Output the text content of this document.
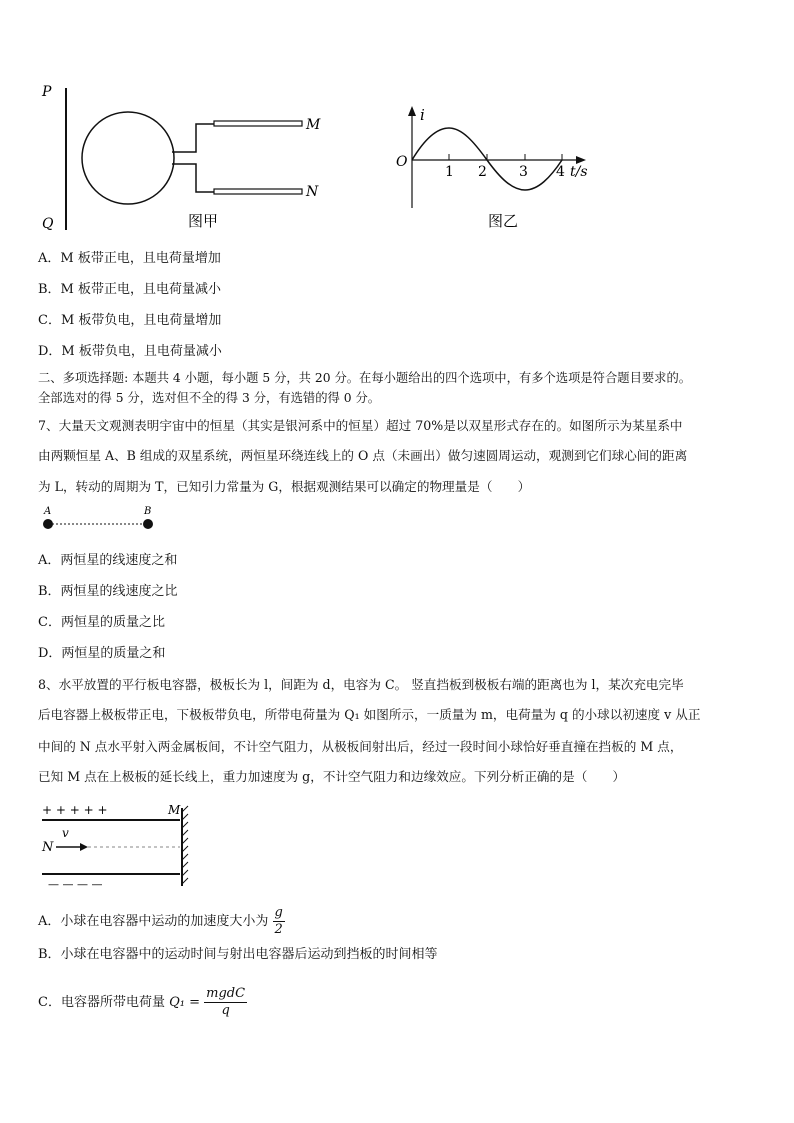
P
Q
M
N
图甲
i
O
1 2 3 4 t/s
图乙
A．M 板带正电，且电荷量增加
B．M 板带正电，且电荷量减小
C．M 板带负电，且电荷量增加
D．M 板带负电，且电荷量减小
二、多项选择题: 本题共 4 小题，每小题 5 分，共 20 分。在每小题给出的四个选项中，有多个选项是符合题目要求的。
全部选对的得 5 分，选对但不全的得 3 分，有选错的得 0 分。
7、大量天文观测表明宇宙中的恒星（其实是银河系中的恒星）超过 70%是以双星形式存在的。如图所示为某星系中
由两颗恒星 A、B 组成的双星系统，两恒星环绕连线上的 O 点（未画出）做匀速圆周运动，观测到它们球心间的距离
为 L，转动的周期为 T，已知引力常量为 G，根据观测结果可以确定的物理量是（　　）
A	B
A．两恒星的线速度之和
B．两恒星的线速度之比
C．两恒星的质量之比
D．两恒星的质量之和
8、水平放置的平行板电容器，极板长为 l，间距为 d，电容为 C。 竖直挡板到极板右端的距离也为 l，某次充电完毕
后电容器上极板带正电，下极板带负电，所带电荷量为 Q₁ 如图所示，一质量为 m，电荷量为 q 的小球以初速度 v 从正
中间的 N 点水平射入两金属板间，不计空气阻力，从极板间射出后，经过一段时间小球恰好垂直撞在挡板的 M 点，
已知 M 点在上极板的延长线上，重力加速度为 g，不计空气阻力和边缘效应。下列分析正确的是（　　）
+ + + + +	M
v
N
— — — —
A．小球在电容器中运动的加速度大小为 $\frac{g}{2}$
B．小球在电容器中的运动时间与射出电容器后运动到挡板的时间相等
C．电容器所带电荷量 $Q_1 = \frac{\text{mgdC}}{q}$
